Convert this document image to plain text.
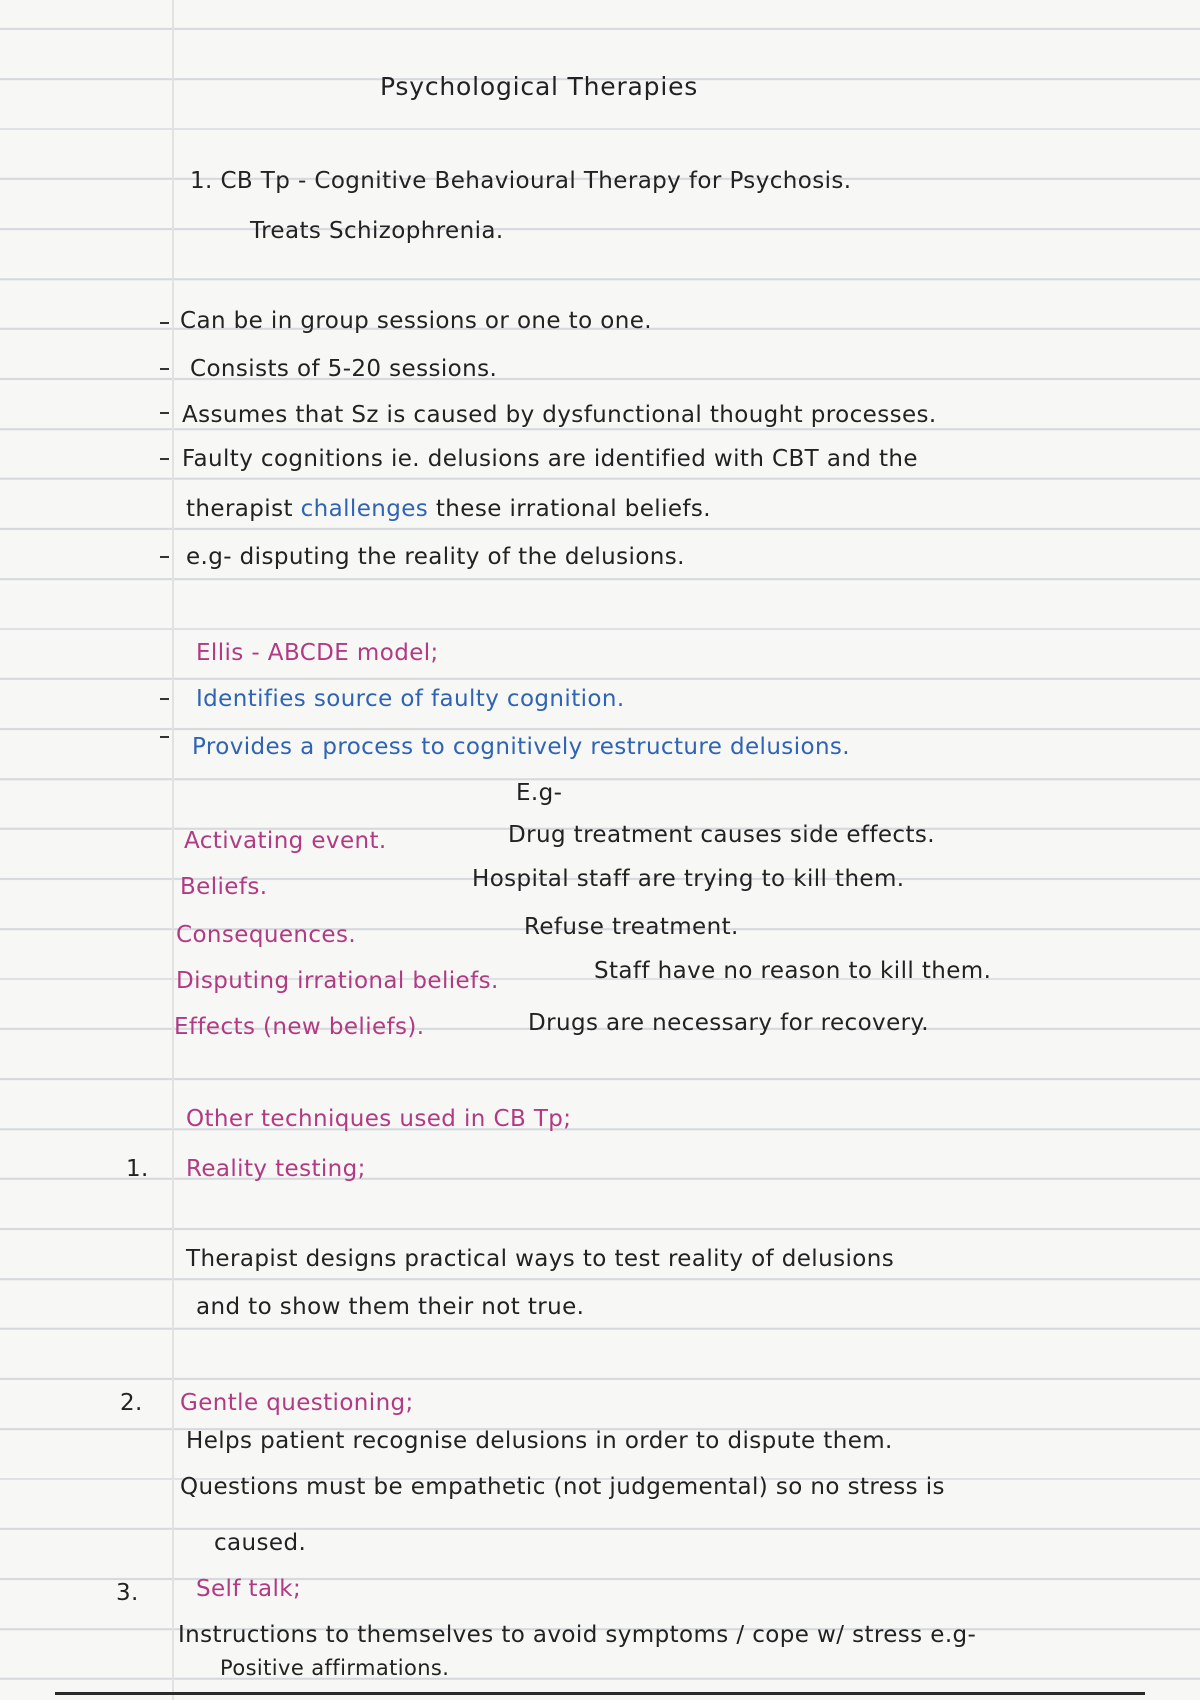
Psychological Therapies
1. CB Tp - Cognitive Behavioural Therapy for Psychosis.
Treats Schizophrenia.
Can be in group sessions or one to one.
Consists of 5-20 sessions.
Assumes that Sz is caused by dysfunctional thought processes.
Faulty cognitions ie. delusions are identified with CBT and the
therapist challenges these irrational beliefs.
e.g- disputing the reality of the delusions.
Ellis - ABCDE model;
Identifies source of faulty cognition.
Provides a process to cognitively restructure delusions.
E.g-
Activating event.	Drug treatment causes side effects.
Beliefs.	Hospital staff are trying to kill them.
Consequences.	Refuse treatment.
Disputing irrational beliefs.	Staff have no reason to kill them.
Effects (new beliefs).	Drugs are necessary for recovery.
Other techniques used in CB Tp;
1. Reality testing;
Therapist designs practical ways to test reality of delusions
and to show them their not true.
2. Gentle questioning;
Helps patient recognise delusions in order to dispute them.
Questions must be empathetic (not judgemental) so no stress is
caused.
3. Self talk;
Instructions to themselves to avoid symptoms / cope w/ stress e.g-
Positive affirmations.
